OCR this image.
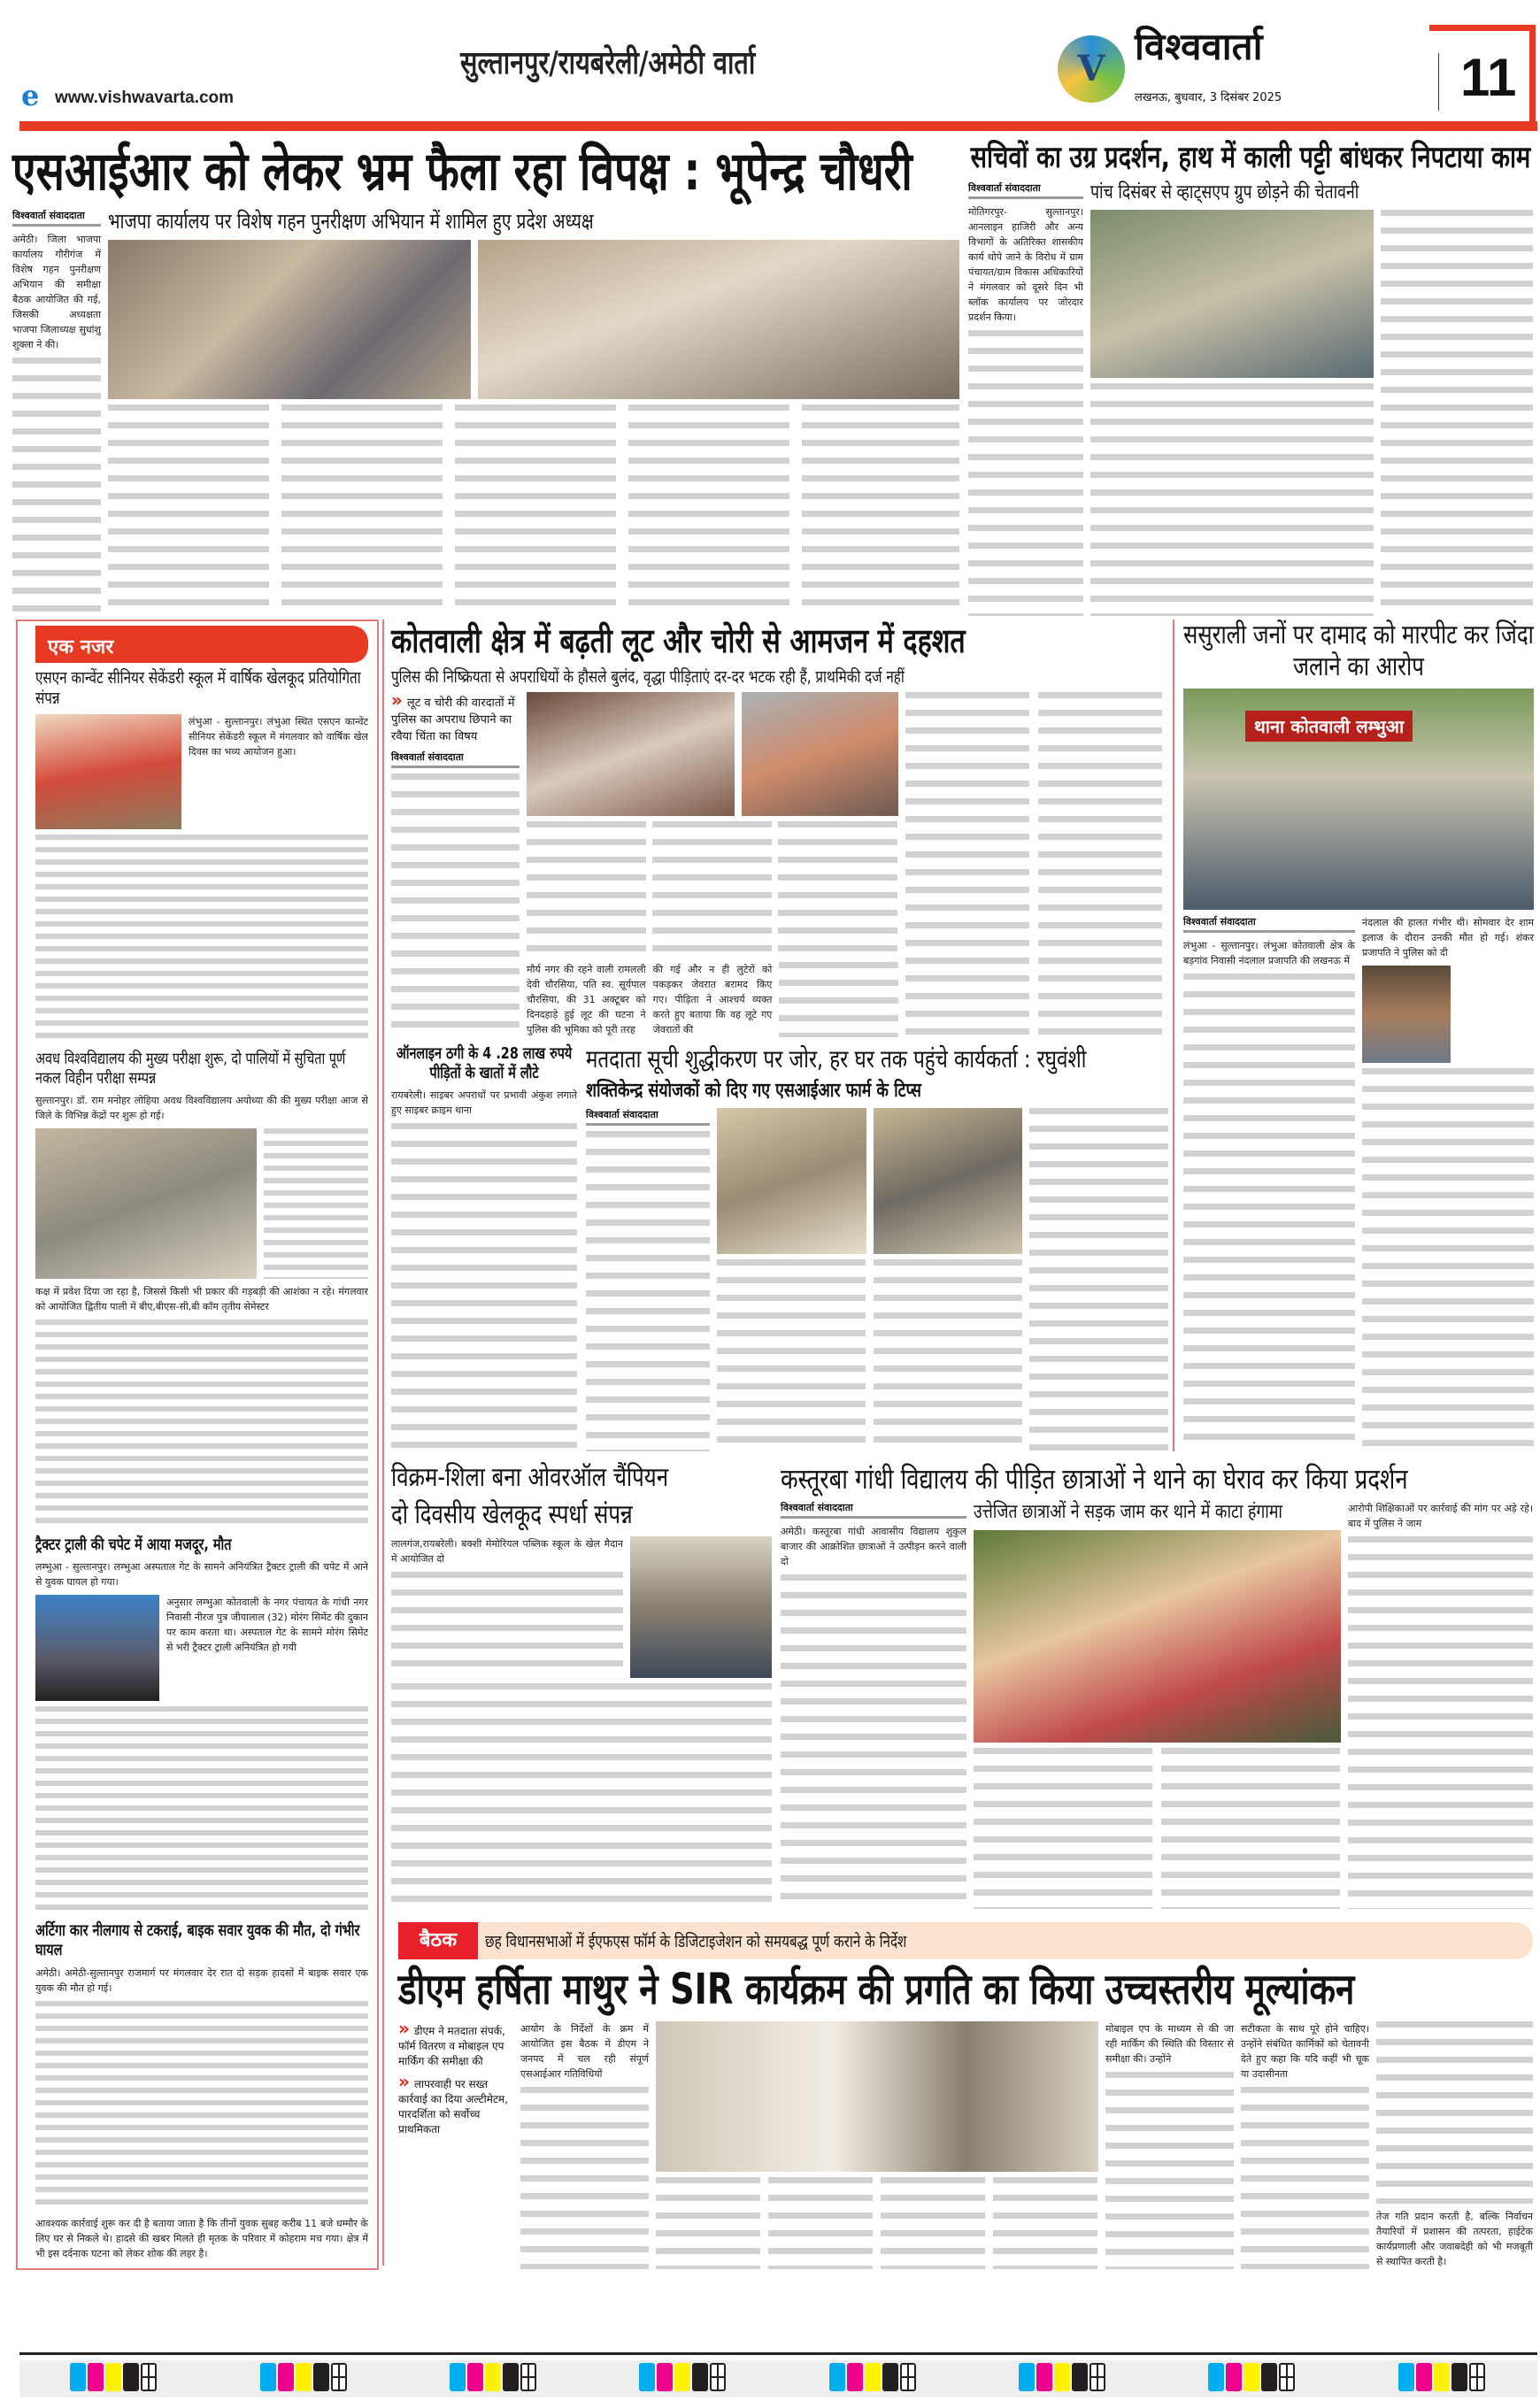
e www.vishwavarta.com
सुल्तानपुर/रायबरेली/अमेठी वार्ता	V
विश्ववार्ता
लखनऊ, बुधवार, 3 दिसंबर 2025	11
एसआईआर को लेकर भ्रम फैला रहा विपक्ष : भूपेन्द्र चौधरी
विश्ववार्ता संवाददाता
अमेठी। जिला भाजपा कार्यालय गौरीगंज में विशेष गहन पुनरीक्षण अभियान की समीक्षा बैठक आयोजित की गई, जिसकी अध्यक्षता भाजपा जिलाध्यक्ष सुधांशु शुक्ला ने की।
भाजपा कार्यालय पर विशेष गहन पुनरीक्षण अभियान में शामिल हुए प्रदेश अध्यक्ष
सचिवों का उग्र प्रदर्शन, हाथ में काली पट्टी बांधकर निपटाया काम
विश्ववार्ता संवाददाता
मोतिगरपुर- सुल्तानपुर। आनलाइन हाजिरी और अन्य विभागों के अतिरिक्त शासकीय कार्य थोपे जाने के विरोध में ग्राम पंचायत/ग्राम विकास अधिकारियों ने मंगलवार को दूसरे दिन भी ब्लॉक कार्यालय पर जोरदार प्रदर्शन किया।
पांच दिसंबर से व्हाट्सएप ग्रुप छोड़ने की चेतावनी
एक नजर
एसएन कान्वेंट सीनियर सेकेंडरी स्कूल में वार्षिक खेलकूद प्रतियोगिता संपन्न
लंभुआ - सुल्तानपुर। लंभुआ स्थित एसएन कान्वेंट सीनियर सेकेंडरी स्कूल में मंगलवार को वार्षिक खेल दिवस का भव्य आयोजन हुआ।
अवध विश्वविद्यालय की मुख्य परीक्षा शुरू, दो पालियों में सुचिता पूर्ण नकल विहीन परीक्षा सम्पन्न
सुल्तानपुर। डॉ. राम मनोहर लोहिया अवध विश्वविद्यालय अयोध्या की की मुख्य परीक्षा आज से जिले के विभिन्न केंद्रों पर शुरू हो गई।
कक्ष में प्रवेश दिया जा रहा है, जिससे किसी भी प्रकार की गड़बड़ी की आशंका न रहे। मंगलवार को आयोजित द्वितीय पाली में बीए,बीएस-सी,बी कॉम तृतीय सेमेस्टर
ट्रैक्टर ट्राली की चपेट में आया मजदूर, मौत
लम्भुआ - सुल्तानपुर। लम्भुआ अस्पताल गेट के सामने अनियंत्रित ट्रैक्टर ट्राली की चपेट में आने से युवक घायल हो गया।
अनुसार लम्भुआ कोतवाली के नगर पंचायत के गांधी नगर निवासी नीरज पुत्र जीयालाल (32) मोरंग सिमेंट की दुकान पर काम करता था। अस्पताल गेट के सामने मोरंग सिमेंट से भरी ट्रैक्टर ट्राली अनियंत्रित हो गयी
अर्टिगा कार नीलगाय से टकराई, बाइक सवार युवक की मौत, दो गंभीर घायल
अमेठी। अमेठी-सुल्तानपुर राजमार्ग पर मंगलवार देर रात दो सड़क हादसों में बाइक सवार एक युवक की मौत हो गई।
आवश्यक कार्रवाई शुरू कर दी है बताया जाता है कि तीनों युवक सुबह करीब 11 बजे धम्मौर के लिए घर से निकले थे। हादसे की खबर मिलते ही मृतक के परिवार में कोहराम मच गया। क्षेत्र में भी इस दर्दनाक घटना को लेकर शोक की लहर है।
कोतवाली क्षेत्र में बढ़ती लूट और चोरी से आमजन में दहशत
पुलिस की निष्क्रियता से अपराधियों के हौसले बुलंद, वृद्धा पीड़िताएं दर-दर भटक रही हैं, प्राथमिकी दर्ज नहीं
» लूट व चोरी की वारदातों में पुलिस का अपराध छिपाने का रवैया चिंता का विषय
विश्ववार्ता संवाददाता
मौर्य नगर की रहने वाली रामलली देवी चौरसिया, पति स्व. सूर्यपाल चौरसिया, की 31 अक्टूबर को दिनदहाड़े हुई लूट की घटना ने पुलिस की भूमिका को पूरी तरह
की गई और न ही लुटेरों को पकड़कर जेवरात बरामद किए गए। पीड़िता ने आश्चर्य व्यक्त करते हुए बताया कि वह लूटे गए जेवरातों की
ऑनलाइन ठगी के 4 .28 लाख रुपये पीड़ितों के खातों में लौटे
रायबरेली। साइबर अपराधों पर प्रभावी अंकुश लगाते हुए साइबर क्राइम थाना
मतदाता सूची शुद्धीकरण पर जोर, हर घर तक पहुंचे कार्यकर्ता : रघुवंशी
शक्तिकेन्द्र संयोजकों को दिए गए एसआईआर फार्म के टिप्स
विश्ववार्ता संवाददाता
ससुराली जनों पर दामाद को मारपीट कर जिंदा जलाने का आरोप
थाना कोतवाली लम्भुआ
विश्ववार्ता संवाददाता
लंभुआ - सुल्तानपुर। लंभुआ कोतवाली क्षेत्र के बड़गांव निवासी नंदलाल प्रजापति की लखनऊ में
नंदलाल की हालत गंभीर थी। सोमवार देर शाम इलाज के दौरान उनकी मौत हो गई। शंकर प्रजापति ने पुलिस को दी
विक्रम-शिला बना ओवरऑल चैंपियन
दो दिवसीय खेलकूद स्पर्धा संपन्न
लालगंज,रायबरेली। बक्शी मेमोरियल पब्लिक स्कूल के खेल मैदान में आयोजित दो
कस्तूरबा गांधी विद्यालय की पीड़ित छात्राओं ने थाने का घेराव कर किया प्रदर्शन
विश्ववार्ता संवाददाता
अमेठी। कस्तूरबा गांधी आवासीय विद्यालय शुकुल बाजार की आक्रोशित छात्राओं ने उत्पीड़न करने वाली दो
उत्तेजित छात्राओं ने सड़क जाम कर थाने में काटा हंगामा	आरोपी शिक्षिकाओं पर कार्रवाई की मांग पर अड़े रहे। बाद में पुलिस ने जाम
बैठक	छह विधानसभाओं में ईएफएस फॉर्म के डिजिटाइजेशन को समयबद्ध पूर्ण कराने के निर्देश
डीएम हर्षिता माथुर ने SIR कार्यक्रम की प्रगति का किया उच्चस्तरीय मूल्यांकन
» डीएम ने मतदाता संपर्क, फॉर्म वितरण व मोबाइल एप मार्किंग की समीक्षा की
» लापरवाही पर सख्त कार्रवाई का दिया अल्टीमेटम, पारदर्शिता को सर्वोच्च प्राथमिकता
आयोग के निर्देशों के क्रम में आयोजित इस बैठक में डीएम ने जनपद में चल रही संपूर्ण एसआईआर गतिविधियों
मोबाइल एप के माध्यम से की जा रही मार्किंग की स्थिति की विस्तार से समीक्षा की। उन्होंने
सटीकता के साथ पूरे होने चाहिए। उन्होंने संबंधित कार्मिकों को चेतावनी देते हुए कहा कि यदि कहीं भी चूक या उदासीनता
तेज गति प्रदान करती है, बल्कि निर्वाचन तैयारियों में प्रशासन की तत्परता, हाईटेक कार्यप्रणाली और जवाबदेही को भी मजबूती से स्थापित करती है।
